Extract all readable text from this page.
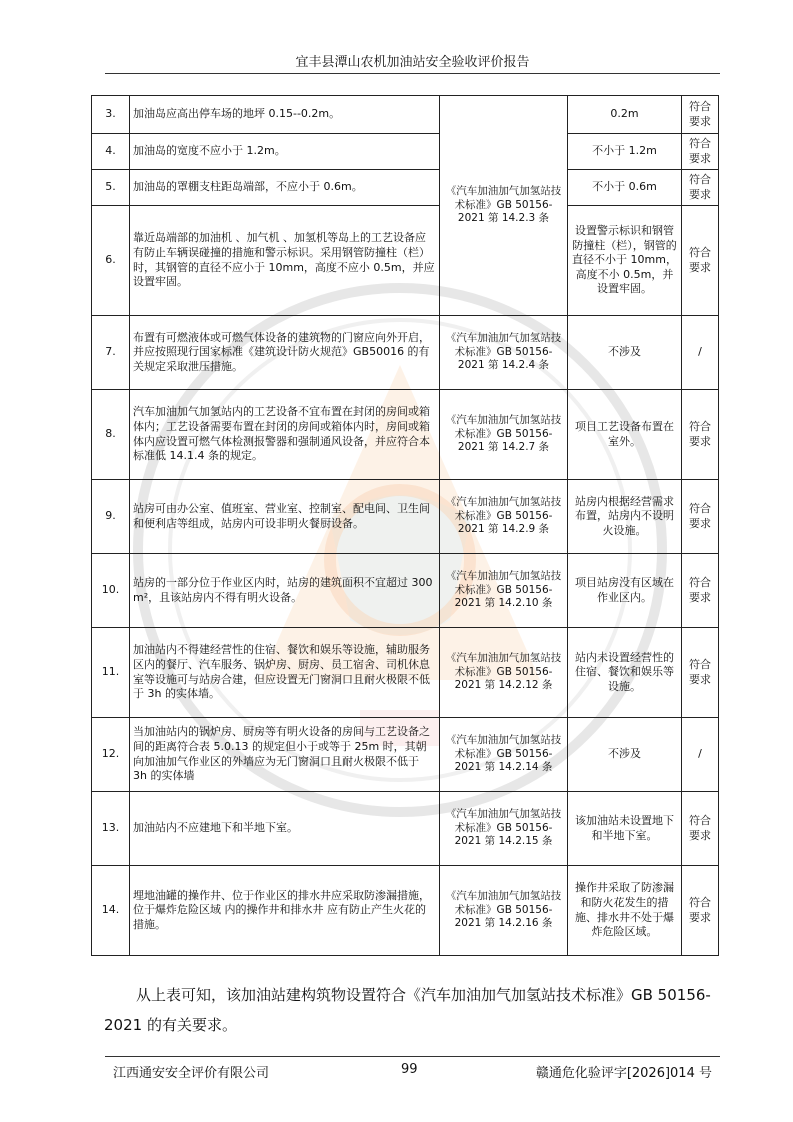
宜丰县潭山农机加油站安全验收评价报告
3.	加油岛应高出停车场的地坪 0.15--0.2m。	《汽车加油加气加氢站技术标准》GB 50156-2021 第 14.2.3 条	0.2m	符合要求
4.	加油岛的宽度不应小于 1.2m。		不小于 1.2m	符合要求
5.	加油岛的罩棚支柱距岛端部，不应小于 0.6m。		不小于 0.6m	符合要求
6.	靠近岛端部的加油机 、加气机 、加氢机等岛上的工艺设备应有防止车辆误碰撞的措施和警示标识。采用钢管防撞柱（栏）时，其钢管的直径不应小于 10mm，高度不应小 0.5m，并应设置牢固。		设置警示标识和钢管防撞柱（栏），钢管的直径不小于 10mm，高度不小 0.5m，并设置牢固。	符合要求
7.	布置有可燃液体或可燃气体设备的建筑物的门窗应向外开启，并应按照现行国家标准《建筑设计防火规范》GB50016 的有关规定采取泄压措施。	《汽车加油加气加氢站技术标准》GB 50156-2021 第 14.2.4 条	不涉及	/
8.	汽车加油加气加氢站内的工艺设备不宜布置在封闭的房间或箱体内；工艺设备需要布置在封闭的房间或箱体内时，房间或箱体内应设置可燃气体检测报警器和强制通风设备，并应符合本标准低 14.1.4 条的规定。	《汽车加油加气加氢站技术标准》GB 50156-2021 第 14.2.7 条	项目工艺设备布置在室外。	符合要求
9.	站房可由办公室、值班室、营业室、控制室、配电间、卫生间和便利店等组成，站房内可设非明火餐厨设备。	《汽车加油加气加氢站技术标准》GB 50156-2021 第 14.2.9 条	站房内根据经营需求布置，站房内不设明火设施。	符合要求
10.	站房的一部分位于作业区内时，站房的建筑面积不宜超过 300 m²，且该站房内不得有明火设备。	《汽车加油加气加氢站技术标准》GB 50156-2021 第 14.2.10 条	项目站房没有区域在作业区内。	符合要求
11.	加油站内不得建经营性的住宿、餐饮和娱乐等设施，辅助服务区内的餐厅、汽车服务、锅炉房、厨房、员工宿舍、司机休息室等设施可与站房合建，但应设置无门窗洞口且耐火极限不低于 3h 的实体墙。	《汽车加油加气加氢站技术标准》GB 50156-2021 第 14.2.12 条	站内未设置经营性的住宿、餐饮和娱乐等设施。	符合要求
12.	当加油站内的锅炉房、厨房等有明火设备的房间与工艺设备之间的距离符合表 5.0.13 的规定但小于或等于 25m 时，其朝向加油加气作业区的外墙应为无门窗洞口且耐火极限不低于 3h 的实体墙	《汽车加油加气加氢站技术标准》GB 50156-2021 第 14.2.14 条	不涉及	/
13.	加油站内不应建地下和半地下室。	《汽车加油加气加氢站技术标准》GB 50156-2021 第 14.2.15 条	该加油站未设置地下和半地下室。	符合要求
14.	埋地油罐的操作井、位于作业区的排水井应采取防渗漏措施，位于爆炸危险区域 内的操作井和排水井 应有防止产生火花的措施。	《汽车加油加气加氢站技术标准》GB 50156-2021 第 14.2.16 条	操作井采取了防渗漏和防火花发生的措施、排水井不处于爆炸危险区域。	符合要求
从上表可知，该加油站建构筑物设置符合《汽车加油加气加氢站技术标准》GB 50156-2021 的有关要求。
江西通安安全评价有限公司	99	赣通危化验评字[2026]014 号
